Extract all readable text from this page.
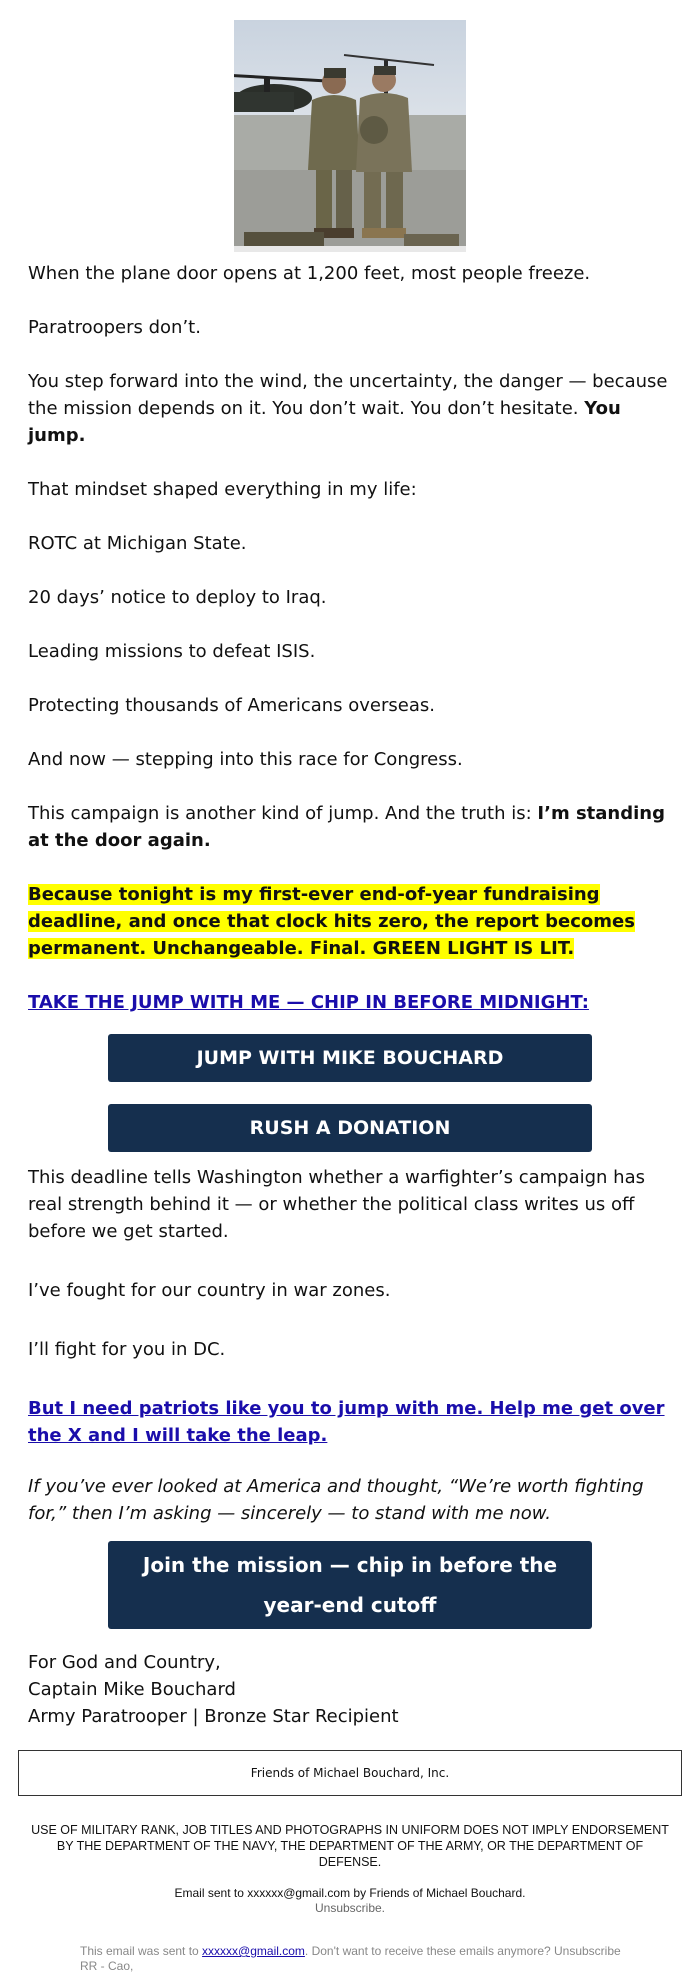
When the plane door opens at 1,200 feet, most people freeze.

Paratroopers don’t.

You step forward into the wind, the uncertainty, the danger — because the mission depends on it. You don’t wait. You don’t hesitate. You jump.

That mindset shaped everything in my life:

ROTC at Michigan State.

20 days’ notice to deploy to Iraq.

Leading missions to defeat ISIS.

Protecting thousands of Americans overseas.

And now — stepping into this race for Congress.

This campaign is another kind of jump. And the truth is: I’m standing at the door again.

Because tonight is my first-ever end-of-year fundraising deadline, and once that clock hits zero, the report becomes permanent. Unchangeable. Final. GREEN LIGHT IS LIT.

TAKE THE JUMP WITH ME — CHIP IN BEFORE MIDNIGHT:

JUMP WITH MIKE BOUCHARD
RUSH A DONATION

This deadline tells Washington whether a warfighter’s campaign has real strength behind it — or whether the political class writes us off before we get started.

I’ve fought for our country in war zones.

I’ll fight for you in DC.

But I need patriots like you to jump with me. Help me get over the X and I will take the leap.

If you’ve ever looked at America and thought, “We’re worth fighting for,” then I’m asking — sincerely — to stand with me now.

Join the mission — chip in before the
year-end cutoff

For God and Country,

Captain Mike Bouchard

Army Paratrooper | Bronze Star Recipient

Friends of Michael Bouchard, Inc.

USE OF MILITARY RANK, JOB TITLES AND PHOTOGRAPHS IN UNIFORM DOES NOT IMPLY ENDORSEMENT BY THE DEPARTMENT OF THE NAVY, THE DEPARTMENT OF THE ARMY, OR THE DEPARTMENT OF DEFENSE.

Email sent to xxxxxx@gmail.com by Friends of Michael Bouchard.
Unsubscribe.
This email was sent to xxxxxx@gmail.com. Don't want to receive these emails anymore? Unsubscribe
RR - Cao,
